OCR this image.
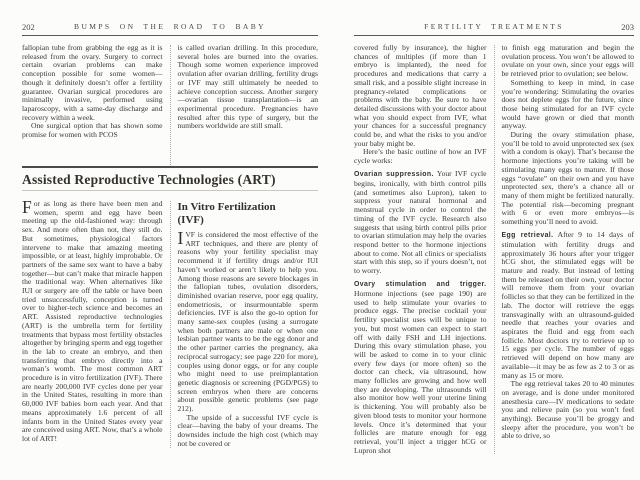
202	BUMPS ON THE ROAD TO BABY

fallopian tube from grabbing the egg as it is released from the ovary. Surgery to correct certain ovarian problems can make conception possible for some women—though it definitely doesn’t offer a fertility guarantee. Ovarian surgical procedures are minimally invasive, performed using laparoscopy, with a same-day discharge and recovery within a week.

One surgical option that has shown some promise for women with PCOS

is called ovarian drilling. In this procedure, several holes are burned into the ovaries. Though some women experience improved ovulation after ovarian drilling, fertility drugs or IVF may still ultimately be needed to achieve conception success. Another surgery—ovarian tissue transplantation—is an experimental procedure. Pregnancies have resulted after this type of surgery, but the numbers worldwide are still small.

Assisted Reproductive Technologies (ART)

For as long as there have been men and women, sperm and egg have been meeting up the old-fashioned way: through sex. And more often than not, they still do. But sometimes, physiological factors intervene to make that amazing meeting impossible, or at least, highly improbable. Or partners of the same sex want to have a baby together—but can’t make that miracle happen the traditional way. When alternatives like IUI or surgery are off the table or have been tried unsuccessfully, conception is turned over to higher-tech science and becomes an ART. Assisted reproductive technologies (ART) is the umbrella term for fertility treatments that bypass most fertility obstacles altogether by bringing sperm and egg together in the lab to create an embryo, and then transferring that embryo directly into a woman’s womb. The most common ART procedure is in vitro fertilization (IVF). There are nearly 200,000 IVF cycles done per year in the United States, resulting in more than 60,000 IVF babies born each year. And that means approximately 1.6 percent of all infants born in the United States every year are conceived using ART. Now, that’s a whole lot of ART!

In Vitro Fertilization (IVF)

IVF is considered the most effective of the ART techniques, and there are plenty of reasons why your fertility specialist may recommend it if fertility drugs and/or IUI haven’t worked or aren’t likely to help you. Among those reasons are severe blockages in the fallopian tubes, ovulation disorders, diminished ovarian reserve, poor egg quality, endometriosis, or insurmountable sperm deficiencies. IVF is also the go-to option for many same-sex couples (using a surrogate when both partners are male or when one lesbian partner wants to be the egg donor and the other partner carries the pregnancy, aka reciprocal surrogacy; see page 220 for more), couples using donor eggs, or for any couple who might need to use preimplantation genetic diagnosis or screening (PGD/PGS) to screen embryos when there are concerns about possible genetic problems (see page 212).

The upside of a successful IVF cycle is clear—having the baby of your dreams. The downsides include the high cost (which may not be covered or

FERTILITY TREATMENTS	203

covered fully by insurance), the higher chances of multiples (if more than 1 embryo is implanted), the need for procedures and medications that carry a small risk, and a possible slight increase in pregnancy-related complications or problems with the baby. Be sure to have detailed discussions with your doctor about what you should expect from IVF, what your chances for a successful pregnancy could be, and what the risks to you and/or your baby might be.

Here’s the basic outline of how an IVF cycle works:

Ovarian suppression. Your IVF cycle begins, ironically, with birth control pills (and sometimes also Lupron), taken to suppress your natural hormonal and menstrual cycle in order to control the timing of the IVF cycle. Research also suggests that using birth control pills prior to ovarian stimulation may help the ovaries respond better to the hormone injections about to come. Not all clinics or specialists start with this step, so if yours doesn’t, not to worry.

Ovary stimulation and trigger. Hormone injections (see page 190) are used to help stimulate your ovaries to produce eggs. The precise cocktail your fertility specialist uses will be unique to you, but most women can expect to start off with daily FSH and LH injections. During this ovary stimulation phase, you will be asked to come in to your clinic every few days (or more often) so the doctor can check, via ultrasound, how many follicles are growing and how well they are developing. The ultrasounds will also monitor how well your uterine lining is thickening. You will probably also be given blood tests to monitor your hormone levels. Once it’s determined that your follicles are mature enough for egg retrieval, you’ll inject a trigger hCG or Lupron shot

to finish egg maturation and begin the ovulation process. You won’t be allowed to ovulate on your own, since your eggs will be retrieved prior to ovulation; see below.

Something to keep in mind, in case you’re wondering: Stimulating the ovaries does not deplete eggs for the future, since those being stimulated for an IVF cycle would have grown or died that month anyway.

During the ovary stimulation phase, you’ll be told to avoid unprotected sex (sex with a condom is okay). That’s because the hormone injections you’re taking will be stimulating many eggs to mature. If those eggs “ovulate” on their own and you have unprotected sex, there’s a chance all or many of them might be fertilized naturally. The potential risk—becoming pregnant with 6 or even more embryos—is something you’ll need to avoid.

Egg retrieval. After 9 to 14 days of stimulation with fertility drugs and approximately 36 hours after your trigger hCG shot, the stimulated eggs will be mature and ready. But instead of letting them be released on their own, your doctor will remove them from your ovarian follicles so that they can be fertilized in the lab. The doctor will retrieve the eggs transvaginally with an ultrasound-guided needle that reaches your ovaries and aspirates the fluid and egg from each follicle. Most doctors try to retrieve up to 15 eggs per cycle. The number of eggs retrieved will depend on how many are available—it may be as few as 2 to 3 or as many as 15 or more.

The egg retrieval takes 20 to 40 minutes on average, and is done under monitored anesthesia care—IV medications to sedate you and relieve pain (so you won’t feel anything). Because you’ll be groggy and sleepy after the procedure, you won’t be able to drive, so
